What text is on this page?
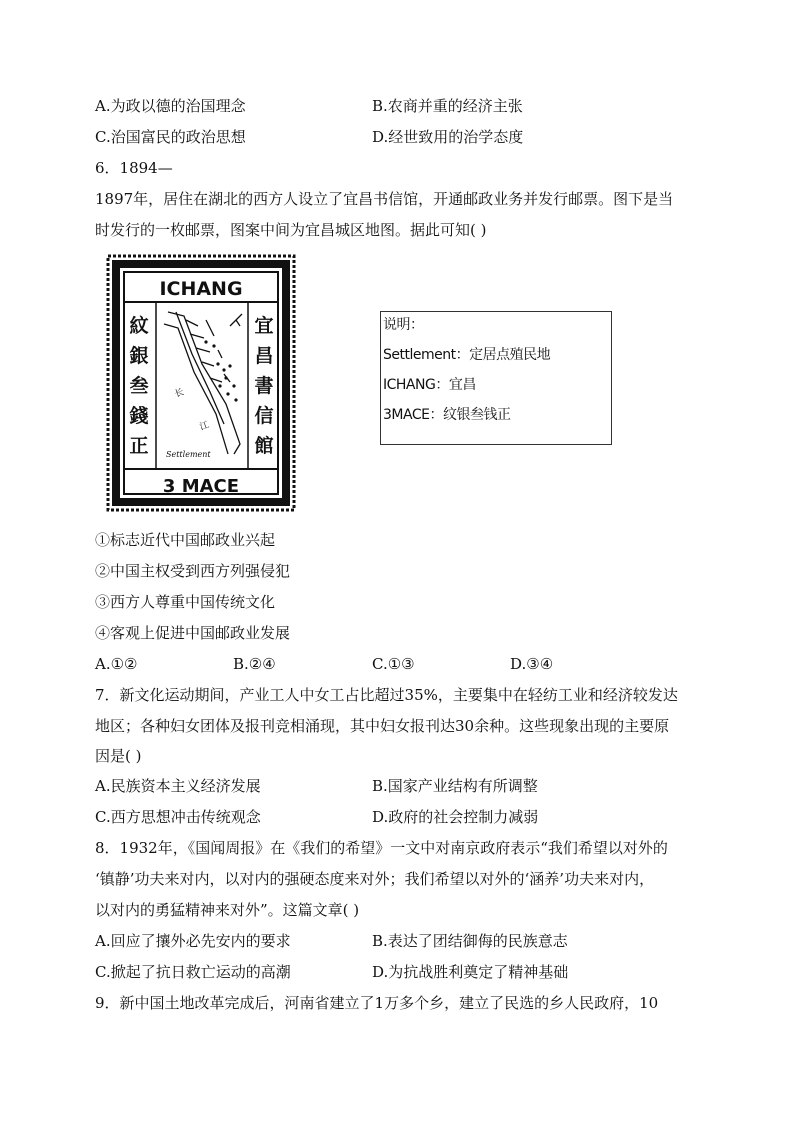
A.为政以德的治国理念	B.农商并重的经济主张
C.治国富民的政治思想	D.经世致用的治学态度
6．1894—
1897年，居住在湖北的西方人设立了宜昌书信馆，开通邮政业务并发行邮票。图下是当
时发行的一枚邮票，图案中间为宜昌城区地图。据此可知( )
ICHANG
3 MACE
紋
銀
叁
錢
正
宜
昌
書
信
館
长
江
Settlement
说明：
Settlement：定居点殖民地
ICHANG：宜昌
3MACE：纹银叁钱正
①标志近代中国邮政业兴起
②中国主权受到西方列强侵犯
③西方人尊重中国传统文化
④客观上促进中国邮政业发展
A.①②	B.②④	C.①③	D.③④
7．新文化运动期间，产业工人中女工占比超过35%，主要集中在轻纺工业和经济较发达
地区；各种妇女团体及报刊竞相涌现，其中妇女报刊达30余种。这些现象出现的主要原
因是( )
A.民族资本主义经济发展	B.国家产业结构有所调整
C.西方思想冲击传统观念	D.政府的社会控制力减弱
8．1932年，《国闻周报》在《我们的希望》一文中对南京政府表示“我们希望以对外的
‘镇静’功夫来对内，以对内的强硬态度来对外；我们希望以对外的‘涵养’功夫来对内，
以对内的勇猛精神来对外”。这篇文章( )
A.回应了攘外必先安内的要求	B.表达了团结御侮的民族意志
C.掀起了抗日救亡运动的高潮	D.为抗战胜利奠定了精神基础
9．新中国土地改革完成后，河南省建立了1万多个乡，建立了民选的乡人民政府，10
